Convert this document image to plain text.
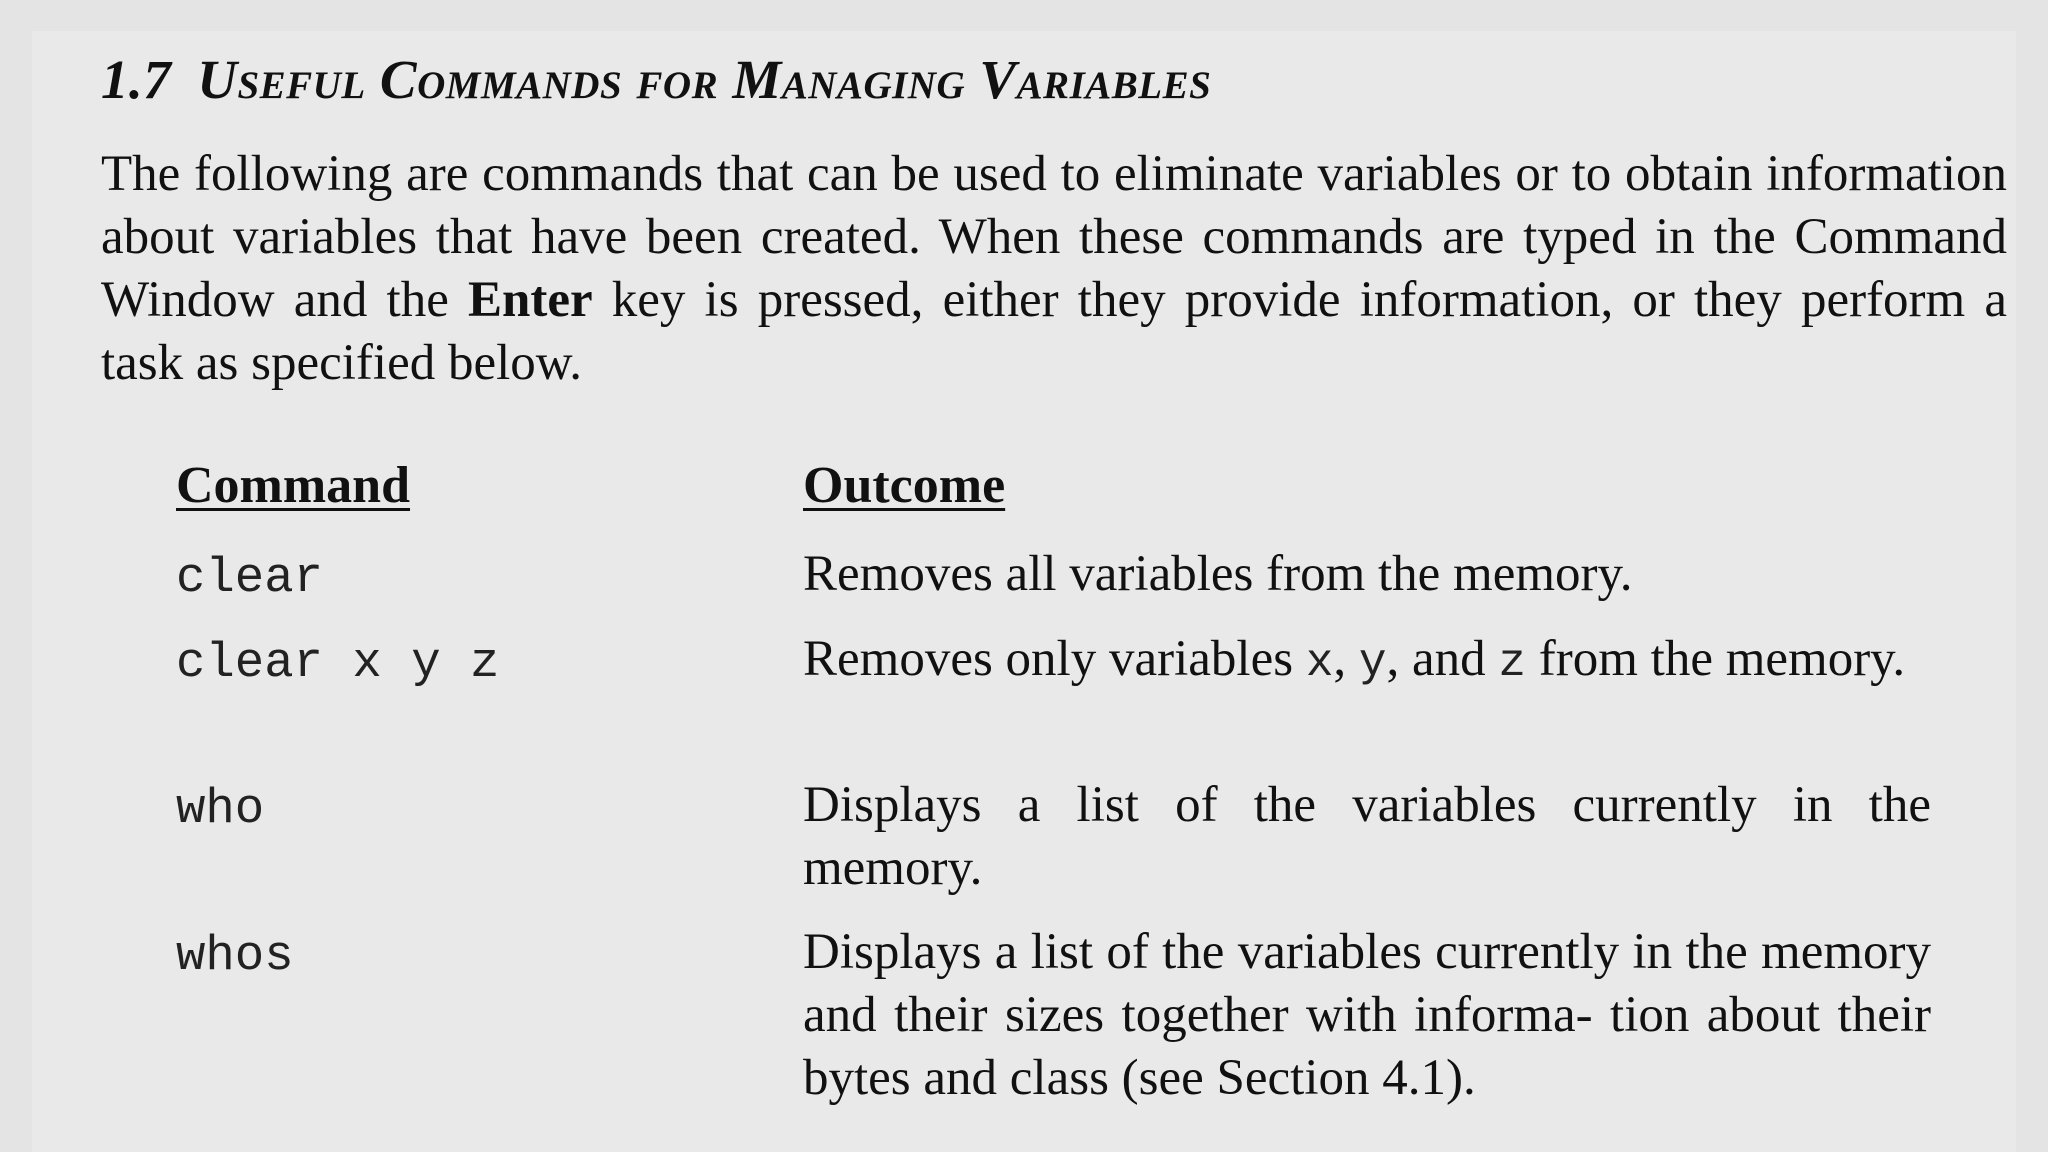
1.7 Useful Commands for Managing Variables

The following are commands that can be used to eliminate variables or to obtain information about variables that have been created. When these commands are typed in the Command Window and the Enter key is pressed, either they provide information, or they perform a task as specified below.

Command	Outcome
clear	Removes all variables from the memory.

clear x y z	Removes only variables x, y, and z from the memory.

who	Displays a list of the variables currently in the memory.

whos	Displays a list of the variables currently in the memory and their sizes together with informa- tion about their bytes and class (see Section 4.1).
